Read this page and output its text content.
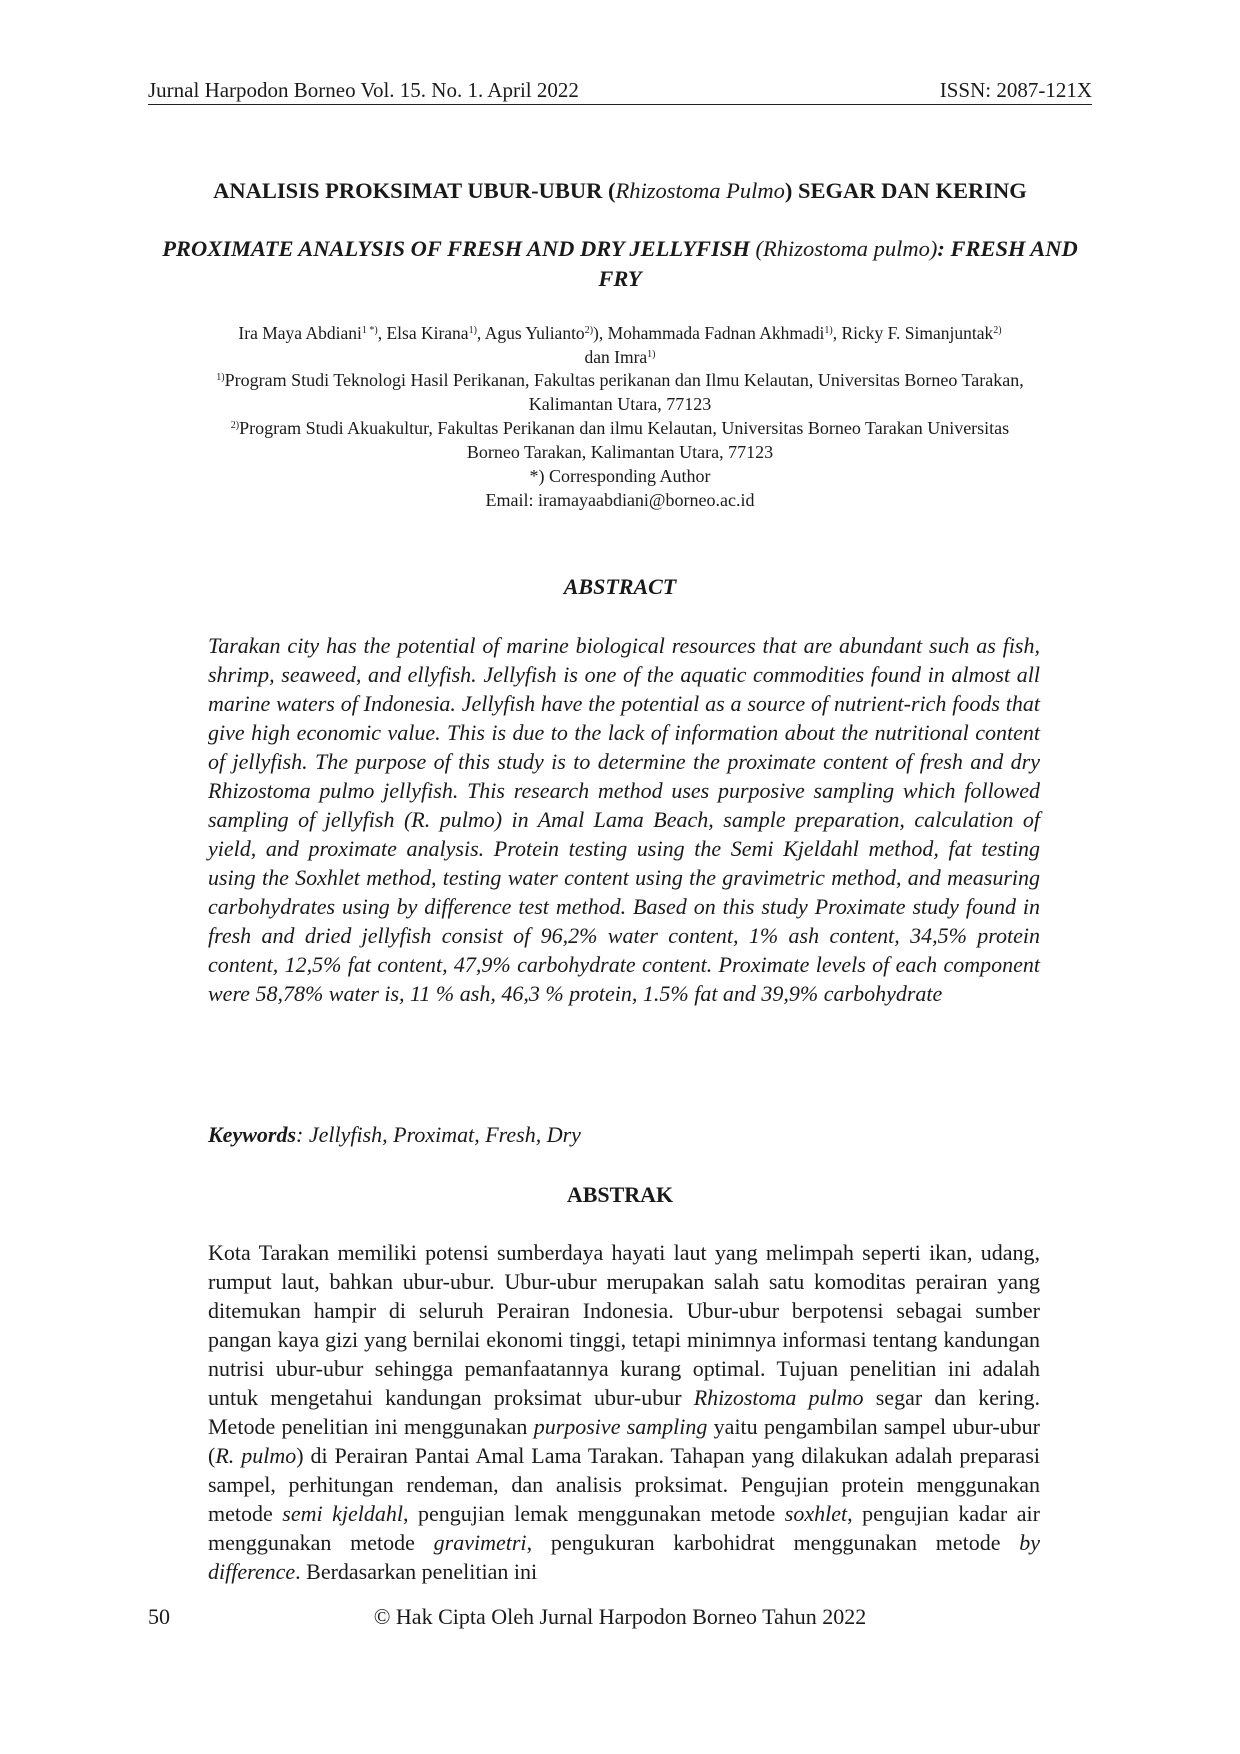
Jurnal Harpodon Borneo Vol. 15. No. 1. April 2022	ISSN: 2087-121X

ANALISIS PROKSIMAT UBUR-UBUR (Rhizostoma Pulmo) SEGAR DAN KERING

PROXIMATE ANALYSIS OF FRESH AND DRY JELLYFISH (Rhizostoma pulmo): FRESH AND FRY

Ira Maya Abdiani$^{1 *)}$, Elsa Kirana$^{1)}$, Agus Yulianto$^{2)}$), Mohammada Fadnan Akhmadi$^{1)}$, Ricky F. Simanjuntak$^{2)}$
dan Imra$^{1)}$
$^{1)}$Program Studi Teknologi Hasil Perikanan, Fakultas perikanan dan Ilmu Kelautan, Universitas Borneo Tarakan,
Kalimantan Utara, 77123
$^{2)}$Program Studi Akuakultur, Fakultas Perikanan dan ilmu Kelautan, Universitas Borneo Tarakan Universitas
Borneo Tarakan, Kalimantan Utara, 77123
*) Corresponding Author
Email: iramayaabdiani@borneo.ac.id

ABSTRACT

Tarakan city has the potential of marine biological resources that are abundant such as fish, shrimp, seaweed, and ellyfish. Jellyfish is one of the aquatic commodities found in almost all marine waters of Indonesia. Jellyfish have the potential as a source of nutrient-rich foods that give high economic value. This is due to the lack of information about the nutritional content of jellyfish. The purpose of this study is to determine the proximate content of fresh and dry Rhizostoma pulmo jellyfish. This research method uses purposive sampling which followed sampling of jellyfish (R. pulmo) in Amal Lama Beach, sample preparation, calculation of yield, and proximate analysis. Protein testing using the Semi Kjeldahl method, fat testing using the Soxhlet method, testing water content using the gravimetric method, and measuring carbohydrates using by difference test method. Based on this study Proximate study found in fresh and dried jellyfish consist of 96,2% water content, 1% ash content, 34,5% protein content, 12,5% fat content, 47,9% carbohydrate content. Proximate levels of each component were 58,78% water is, 11 % ash, 46,3 % protein, 1.5% fat and 39,9% carbohydrate

Keywords: Jellyfish, Proximat, Fresh, Dry

ABSTRAK

Kota Tarakan memiliki potensi sumberdaya hayati laut yang melimpah seperti ikan, udang, rumput laut, bahkan ubur-ubur. Ubur-ubur merupakan salah satu komoditas perairan yang ditemukan hampir di seluruh Perairan Indonesia. Ubur-ubur berpotensi sebagai sumber pangan kaya gizi yang bernilai ekonomi tinggi, tetapi minimnya informasi tentang kandungan nutrisi ubur-ubur sehingga pemanfaatannya kurang optimal. Tujuan penelitian ini adalah untuk mengetahui kandungan proksimat ubur-ubur Rhizostoma pulmo segar dan kering. Metode penelitian ini menggunakan purposive sampling yaitu pengambilan sampel ubur-ubur (R. pulmo) di Perairan Pantai Amal Lama Tarakan. Tahapan yang dilakukan adalah preparasi sampel, perhitungan rendeman, dan analisis proksimat. Pengujian protein menggunakan metode semi kjeldahl, pengujian lemak menggunakan metode soxhlet, pengujian kadar air menggunakan metode gravimetri, pengukuran karbohidrat menggunakan metode by difference. Berdasarkan penelitian ini

© Hak Cipta Oleh Jurnal Harpodon Borneo Tahun 2022
50
